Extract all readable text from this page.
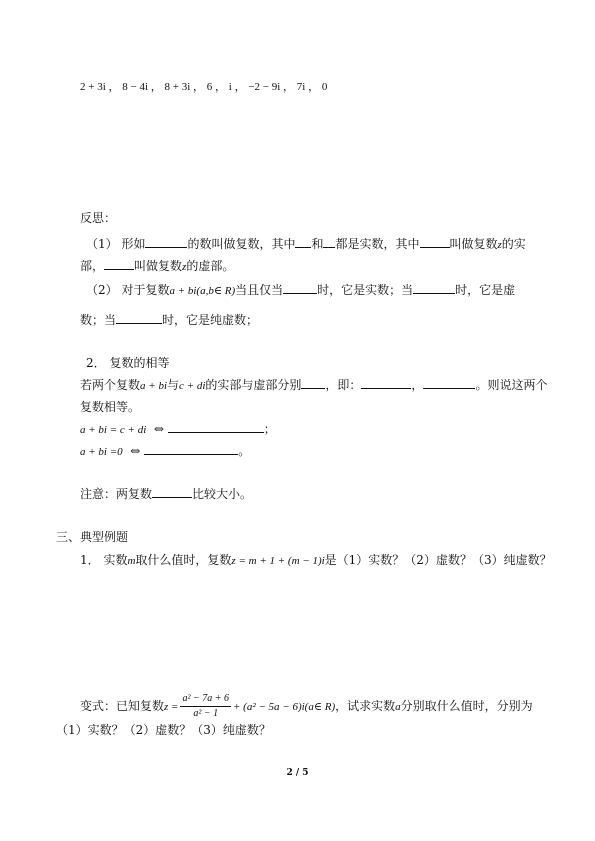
2 + 3i ， 8 − 4i ， 8 + 3i ， 6 ， i ， −2 − 9i ， 7i ， 0
反思：
（1） 形如	的数叫做复数，其中 和 都是实数，其中	叫做复数z的实
部，	叫做复数z的虚部。
（2） 对于复数a + bi(a,b∈ R)当且仅当	时，它是实数；当	时，它是虚
数；当	时，它是纯虚数；
2． 复数的相等
若两个复数a + bi与c + di的实部与虚部分别 ，即：	，	。则说这两个
复数相等。
a + bi = c + di ⇔	；
a + bi =0 ⇔	。
注意：两复数	比较大小。
三、典型例题
1． 实数m取什么值时，复数z = m + 1 + (m − 1)i是（1）实数？（2）虚数？（3）纯虚数？
变式：已知复数$z = \frac{\text{a² − 7a + 6}}{\text{a² − 1}} + (a^2 - 5a$ − 6)i(a∈ R)，试求实数a分别取什么值时，分别为
（1）实数？（2）虚数？（3）纯虚数？
2 / 5
